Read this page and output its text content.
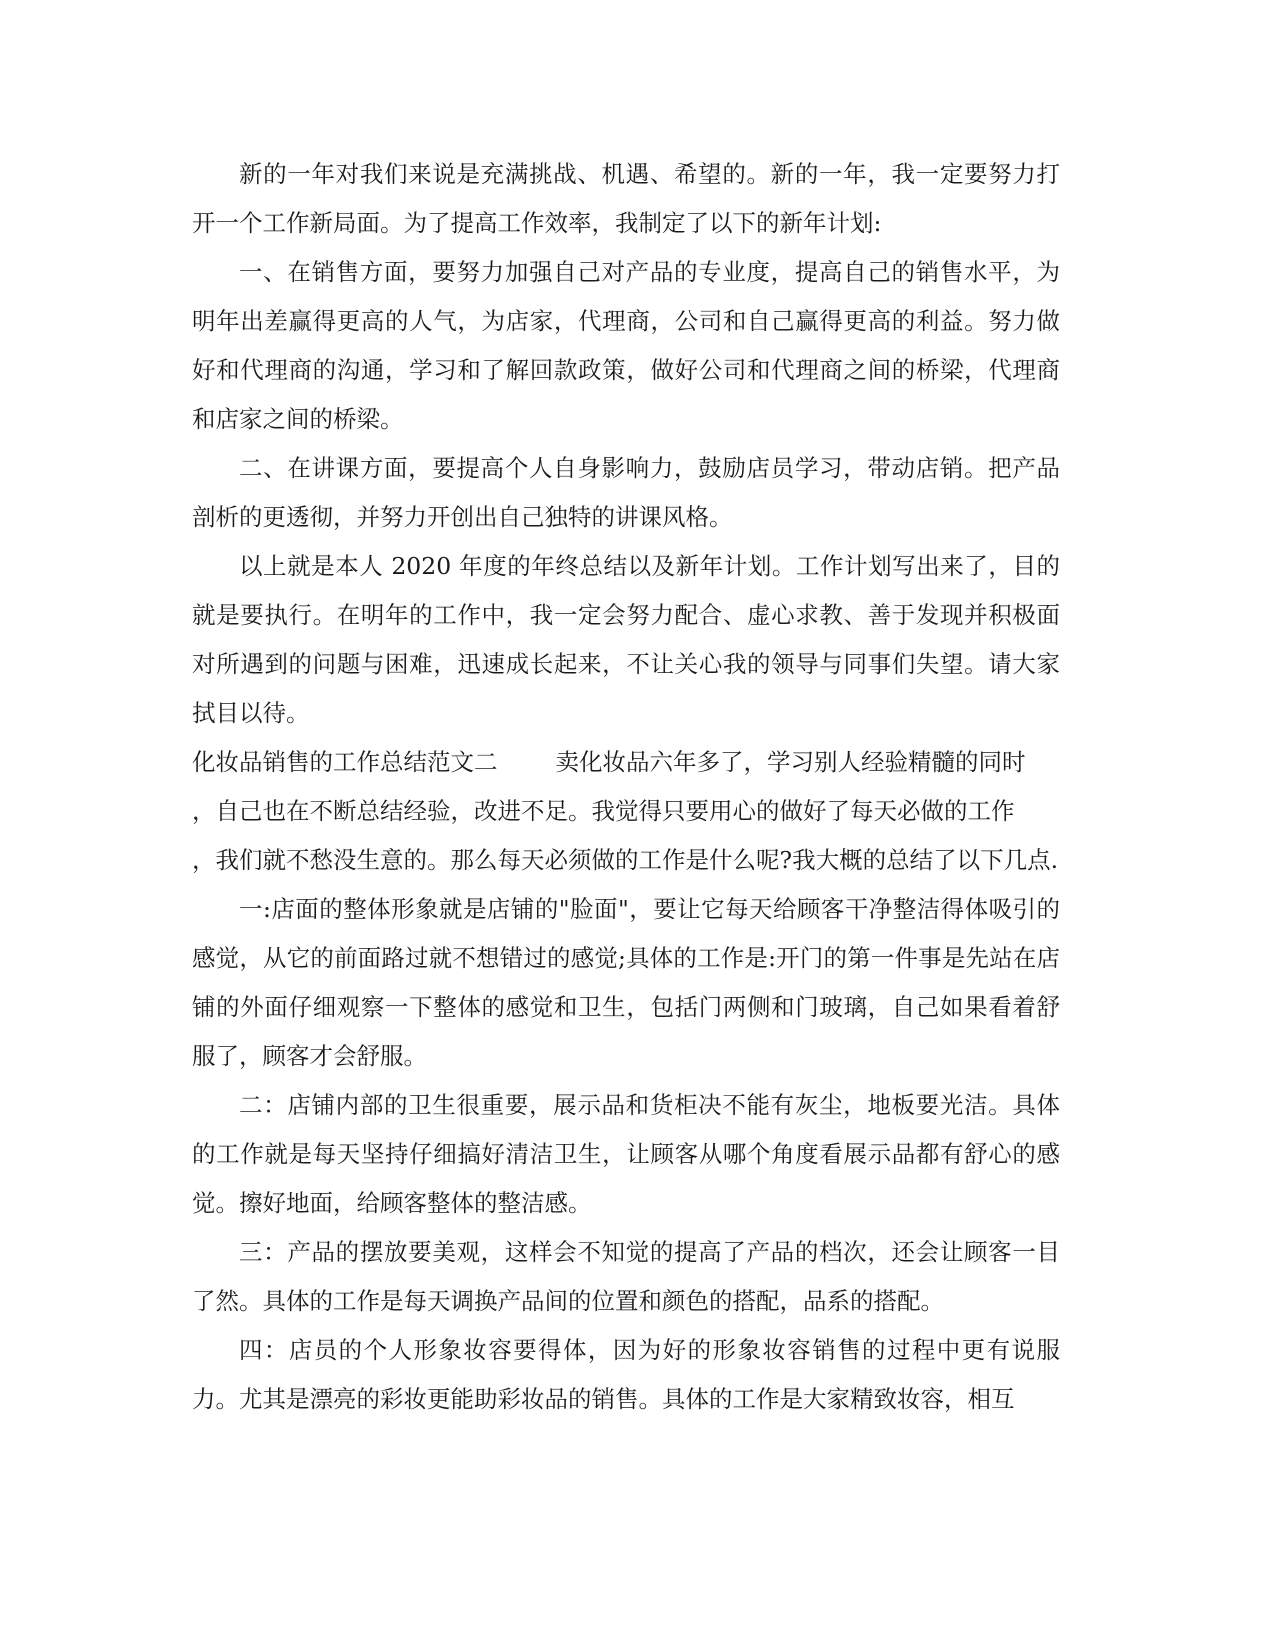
新的一年对我们来说是充满挑战、机遇、希望的。新的一年，我一定要努力打开一个工作新局面。为了提高工作效率，我制定了以下的新年计划:

一、在销售方面，要努力加强自己对产品的专业度，提高自己的销售水平，为明年出差赢得更高的人气，为店家，代理商，公司和自己赢得更高的利益。努力做好和代理商的沟通，学习和了解回款政策，做好公司和代理商之间的桥梁，代理商和店家之间的桥梁。

二、在讲课方面，要提高个人自身影响力，鼓励店员学习，带动店销。把产品剖析的更透彻，并努力开创出自己独特的讲课风格。

以上就是本人 2020 年度的年终总结以及新年计划。工作计划写出来了，目的就是要执行。在明年的工作中，我一定会努力配合、虚心求教、善于发现并积极面对所遇到的问题与困难，迅速成长起来，不让关心我的领导与同事们失望。请大家拭目以待。

化妆品销售的工作总结范文二 卖化妆品六年多了，学习别人经验精髓的同时

，自己也在不断总结经验，改进不足。我觉得只要用心的做好了每天必做的工作

，我们就不愁没生意的。那么每天必须做的工作是什么呢?我大概的总结了以下几点.

一:店面的整体形象就是店铺的"脸面"，要让它每天给顾客干净整洁得体吸引的感觉，从它的前面路过就不想错过的感觉;具体的工作是:开门的第一件事是先站在店铺的外面仔细观察一下整体的感觉和卫生，包括门两侧和门玻璃，自己如果看着舒服了，顾客才会舒服。

二：店铺内部的卫生很重要，展示品和货柜决不能有灰尘，地板要光洁。具体的工作就是每天坚持仔细搞好清洁卫生，让顾客从哪个角度看展示品都有舒心的感觉。擦好地面，给顾客整体的整洁感。

三：产品的摆放要美观，这样会不知觉的提高了产品的档次，还会让顾客一目了然。具体的工作是每天调换产品间的位置和颜色的搭配，品系的搭配。

四：店员的个人形象妆容要得体，因为好的形象妆容销售的过程中更有说服力。尤其是漂亮的彩妆更能助彩妆品的销售。具体的工作是大家精致妆容，相互
